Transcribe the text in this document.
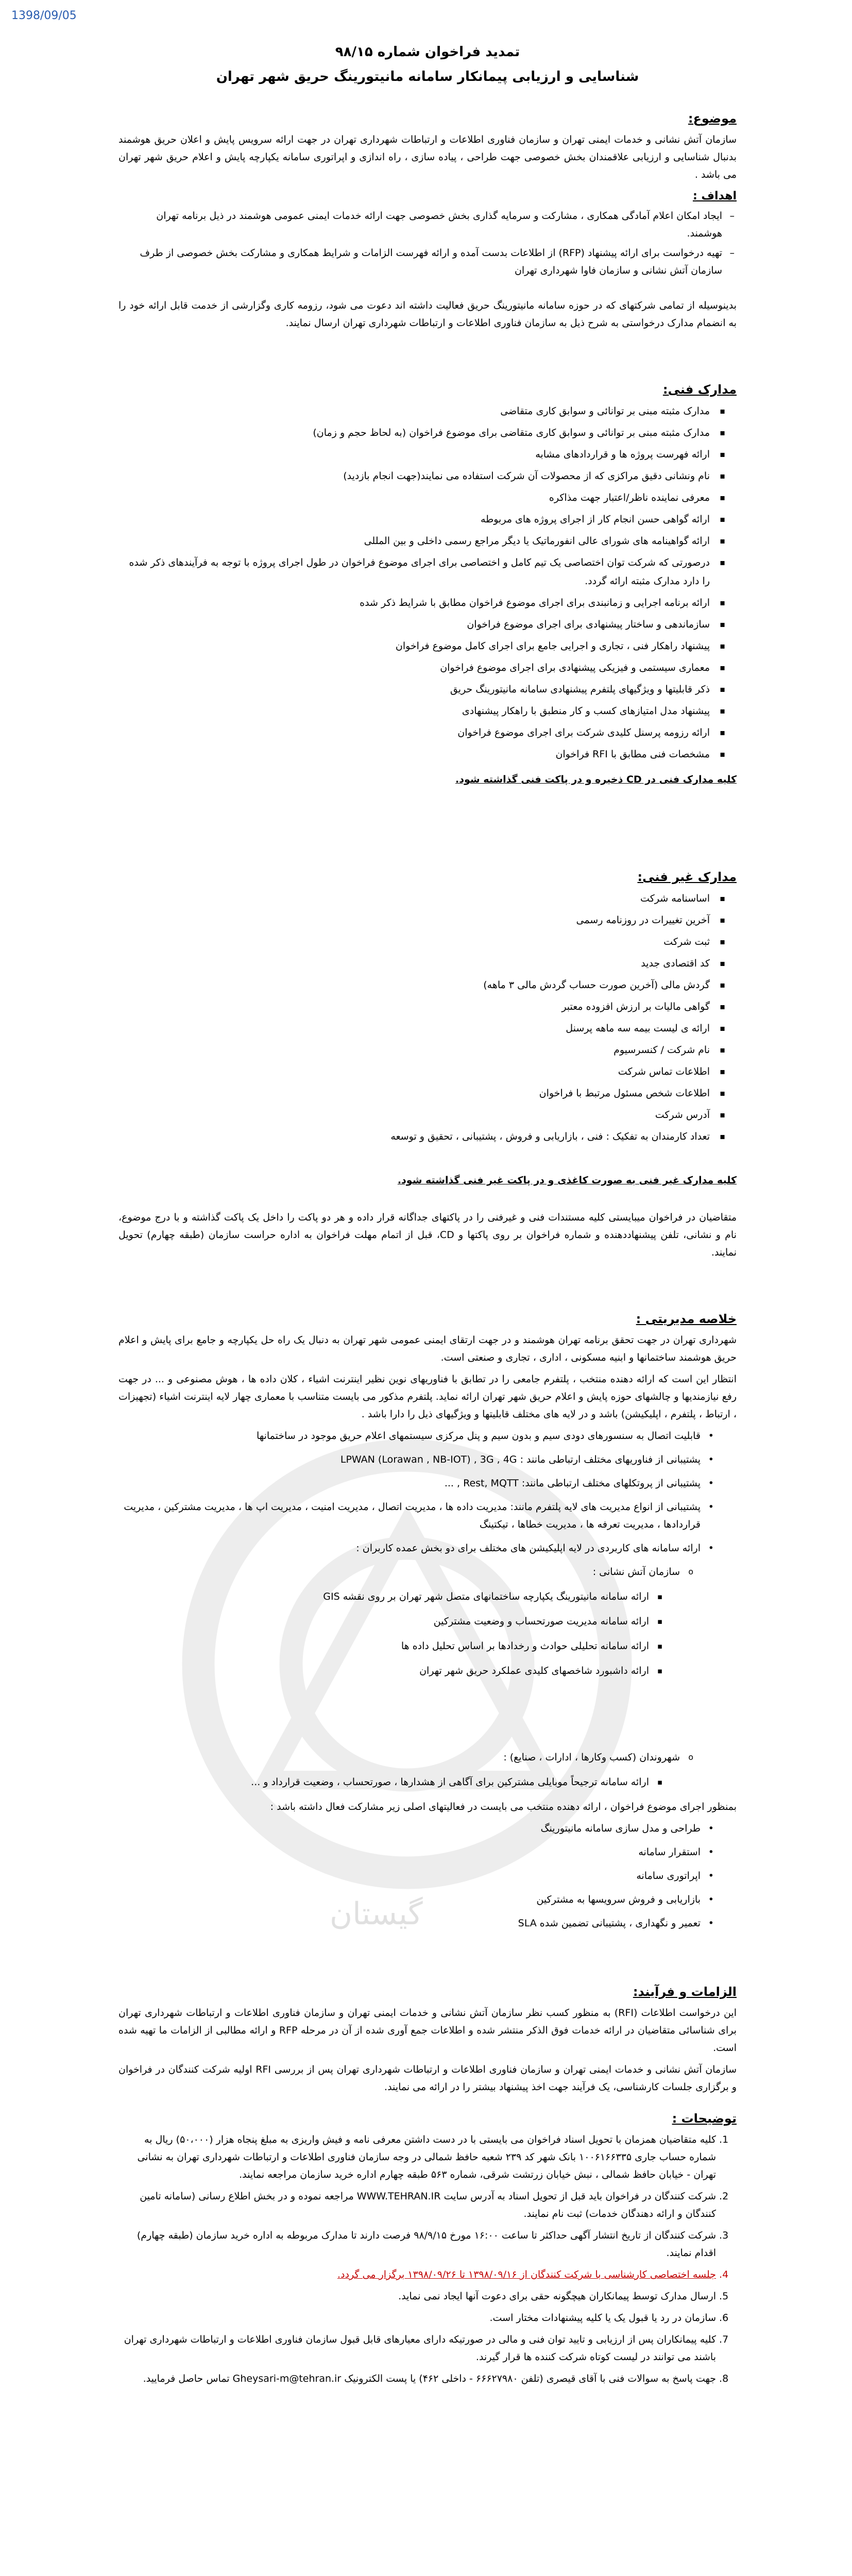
1398/09/05
گیستان
تمدید فراخوان شماره ۹۸/۱۵
شناسایی و ارزیابی پیمانکار سامانه مانیتورینگ حریق شهر تهران
موضوع:

سازمان آتش نشانی و خدمات ایمنی تهران و سازمان فناوری اطلاعات و ارتباطات شهرداری تهران در جهت ارائه سرویس پایش و اعلان حریق هوشمند بدنبال شناسایی و ارزیابی علاقمندان بخش خصوصی جهت طراحی ، پیاده سازی ، راه اندازی و اپراتوری سامانه یکپارچه پایش و اعلام حریق شهر تهران می باشد .

اهداف :
– ایجاد امکان اعلام آمادگی همکاری ، مشارکت و سرمایه گذاری بخش خصوصی جهت ارائه خدمات ایمنی عمومی هوشمند در ذیل برنامه تهران هوشمند.
– تهیه درخواست برای ارائه پیشنهاد (RFP) از اطلاعات بدست آمده و ارائه فهرست الزامات و شرایط همکاری و مشارکت بخش خصوصی از طرف سازمان آتش نشانی و سازمان فاوا شهرداری تهران

بدینوسیله از تمامی شرکتهای که در حوزه سامانه مانیتورینگ حریق فعالیت داشته اند دعوت می شود، رزومه کاری وگزارشی از خدمت قابل ارائه خود را به انضمام مدارک درخواستی به شرح ذیل به سازمان فناوری اطلاعات و ارتباطات شهرداری تهران ارسال نمایند.

مدارک فنی:
▪ مدارک مثبته مبنی بر توانائی و سوابق کاری متقاضی
▪ مدارک مثبته مبنی بر توانائی و سوابق کاری متقاضی برای موضوع فراخوان (به لحاظ حجم و زمان)
▪ ارائه فهرست پروژه ها و قراردادهای مشابه
▪ نام ونشانی دقیق مراکزی که از محصولات آن شرکت استفاده می نمایند(جهت انجام بازدید)
▪ معرفی نماینده ناظر/اعتبار جهت مذاکره
▪ ارائه گواهی حسن انجام کار از اجرای پروژه های مربوطه
▪ ارائه گواهینامه های شورای عالی انفورماتیک یا دیگر مراجع رسمی داخلی و بین المللی
▪ درصورتی که شرکت توان اختصاصی یک تیم کامل و اختصاصی برای اجرای موضوع فراخوان در طول اجرای پروژه با توجه به فرآیندهای ذکر شده را دارد مدارک مثبته ارائه گردد.
▪ ارائه برنامه اجرایی و زمانبندی برای اجرای موضوع فراخوان مطابق با شرایط ذکر شده
▪ سازماندهی و ساختار پیشنهادی برای اجرای موضوع فراخوان
▪ پیشنهاد راهکار فنی ، تجاری و اجرایی جامع برای اجرای کامل موضوع فراخوان
▪ معماری سیستمی و فیزیکی پیشنهادی برای اجرای موضوع فراخوان
▪ ذکر قابلیتها و ویژگیهای پلتفرم پیشنهادی سامانه مانیتورینگ حریق
▪ پیشنهاد مدل امتیازهای کسب و کار منطبق با راهکار پیشنهادی
▪ ارائه رزومه پرسنل کلیدی شرکت برای اجرای موضوع فراخوان
▪ مشخصات فنی مطابق با RFI فراخوان
کلیه مدارک فنی در CD ذخیره و در پاکت فنی گذاشته شود.
مدارک غیر فنی:
▪ اساسنامه شرکت
▪ آخرین تغییرات در روزنامه رسمی
▪ ثبت شرکت
▪ کد اقتصادی جدید
▪ گردش مالی (آخرین صورت حساب گردش مالی ۳ ماهه)
▪ گواهی مالیات بر ارزش افزوده معتبر
▪ ارائه ی لیست بیمه سه ماهه پرسنل
▪ نام شرکت / کنسرسیوم
▪ اطلاعات تماس شرکت
▪ اطلاعات شخص مسئول مرتبط با فراخوان
▪ آدرس شرکت
▪ تعداد کارمندان به تفکیک : فنی ، بازاریابی و فروش ، پشتیبانی ، تحقیق و توسعه
کلیه مدارک غیر فنی به صورت کاغذی و در پاکت غیر فنی گذاشته شود.

متقاضیان در فراخوان میبایستی کلیه مستندات فنی و غیرفنی را در پاکتهای جداگانه قرار داده و هر دو پاکت را داخل یک پاکت گذاشته و با درج موضوع، نام و نشانی، تلفن پیشنهاددهنده و شماره فراخوان بر روی پاکتها و CD، قبل از اتمام مهلت فراخوان به اداره حراست سازمان (طبقه چهارم) تحویل نمایند.

خلاصه مدیریتی :

شهرداری تهران در جهت تحقق برنامه تهران هوشمند و در جهت ارتقای ایمنی عمومی شهر تهران به دنبال یک راه حل یکپارچه و جامع برای پایش و اعلام حریق هوشمند ساختمانها و ابنیه مسکونی ، اداری ، تجاری و صنعتی است.

انتظار این است که ارائه دهنده منتخب ، پلتفرم جامعی را در تطابق با فناوریهای نوین نظیر اینترنت اشیاء ، کلان داده ها ، هوش مصنوعی و ... در جهت رفع نیازمندیها و چالشهای حوزه پایش و اعلام حریق شهر تهران ارائه نماید. پلتفرم مذکور می بایست متناسب با معماری چهار لایه اینترنت اشیاء (تجهیزات ، ارتباط ، پلتفرم ، اپلیکیشن) باشد و در لایه های مختلف قابلیتها و ویژگیهای ذیل را دارا باشد .

• قابلیت اتصال به سنسورهای دودی سیم و بدون سیم و پنل مرکزی سیستمهای اعلام حریق موجود در ساختمانها
• پشتیبانی از فناوریهای مختلف ارتباطی مانند : LPWAN (Lorawan , NB-IOT) , 3G , 4G
• پشتیبانی از پروتکلهای مختلف ارتباطی مانند: Rest, MQTT , ...
• پشتیبانی از انواع مدیریت های لایه پلتفرم مانند: مدیریت داده ها ، مدیریت اتصال ، مدیریت امنیت ، مدیریت اپ ها ، مدیریت مشترکین ، مدیریت قراردادها ، مدیریت تعرفه ها ، مدیریت خطاها ، تیکتینگ
• ارائه سامانه های کاربردی در لایه اپلیکیشن های مختلف برای دو بخش عمده کاربران :
o سازمان آتش نشانی :
▪ ارائه سامانه مانیتورینگ یکپارچه ساختمانهای متصل شهر تهران بر روی نقشه GIS
▪ ارائه سامانه مدیریت صورتحساب و وضعیت مشترکین
▪ ارائه سامانه تحلیلی حوادث و رخدادها بر اساس تحلیل داده ها
▪ ارائه داشبورد شاخصهای کلیدی عملکرد حریق شهر تهران
o شهروندان (کسب وکارها ، ادارات ، صنایع) :
▪ ارائه سامانه ترجیحاً موبایلی مشترکین برای آگاهی از هشدارها ، صورتحساب ، وضعیت قرارداد و ...

بمنظور اجرای موضوع فراخوان ، ارائه دهنده منتخب می بایست در فعالیتهای اصلی زیر مشارکت فعال داشته باشد :

• طراحی و مدل سازی سامانه مانیتورینگ
• استقرار سامانه
• اپراتوری سامانه
• بازاریابی و فروش سرویسها به مشترکین
• تعمیر و نگهداری ، پشتیبانی تضمین شده SLA
الزامات و فرآیند:

این درخواست اطلاعات (RFI) به منظور کسب نظر سازمان آتش نشانی و خدمات ایمنی تهران و سازمان فناوری اطلاعات و ارتباطات شهرداری تهران برای شناسائی متقاضیان در ارائه خدمات فوق الذکر منتشر شده و اطلاعات جمع آوری شده از آن در مرحله RFP و ارائه مطالبی از الزامات ما تهیه شده است.

سازمان آتش نشانی و خدمات ایمنی تهران و سازمان فناوری اطلاعات و ارتباطات شهرداری تهران پس از بررسی RFI اولیه شرکت کنندگان در فراخوان و برگزاری جلسات کارشناسی، یک فرآیند جهت اخذ پیشنهاد بیشتر را در ارائه می نمایند.

توضیحات :
1. کلیه متقاضیان همزمان با تحویل اسناد فراخوان می بایستی با در دست داشتن معرفی نامه و فیش واریزی به مبلغ پنجاه هزار (۵۰،۰۰۰) ریال به شماره حساب جاری ۱۰۰۶۱۶۶۳۳۵ بانک شهر کد ۲۳۹ شعبه حافظ شمالی در وجه سازمان فناوری اطلاعات و ارتباطات شهرداری تهران به نشانی تهران - خیابان حافظ شمالی ، نبش خیابان زرتشت شرقی، شماره ۵۶۳ طبقه چهارم اداره خرید سازمان مراجعه نمایند.
2. شرکت کنندگان در فراخوان باید قبل از تحویل اسناد به آدرس سایت WWW.TEHRAN.IR مراجعه نموده و در بخش اطلاع رسانی (سامانه تامین کنندگان و ارائه دهندگان خدمات) ثبت نام نمایند.
3. شرکت کنندگان از تاریخ انتشار آگهی حداکثر تا ساعت ۱۶:۰۰ مورخ ۹۸/۹/۱۵ فرصت دارند تا مدارک مربوطه به اداره خرید سازمان (طبقه چهارم) اقدام نمایند.
4. جلسه اختصاصی کارشناسی با شرکت کنندگان از ۱۳۹۸/۰۹/۱۶ تا ۱۳۹۸/۰۹/۲۶ برگزار می گردد.
5. ارسال مدارک توسط پیمانکاران هیچگونه حقی برای دعوت آنها ایجاد نمی نماید.
6. سازمان در رد یا قبول یک یا کلیه پیشنهادات مختار است.
7. کلیه پیمانکاران پس از ارزیابی و تایید توان فنی و مالی در صورتیکه دارای معیارهای قابل قبول سازمان فناوری اطلاعات و ارتباطات شهرداری تهران باشند می توانند در لیست کوتاه شرکت کننده ها قرار گیرند.
8. جهت پاسخ به سوالات فنی با آقای قیصری (تلفن ۶۶۶۲۷۹۸۰ - داخلی ۴۶۲) یا پست الکترونیک Gheysari-m@tehran.ir تماس حاصل فرمایید.
